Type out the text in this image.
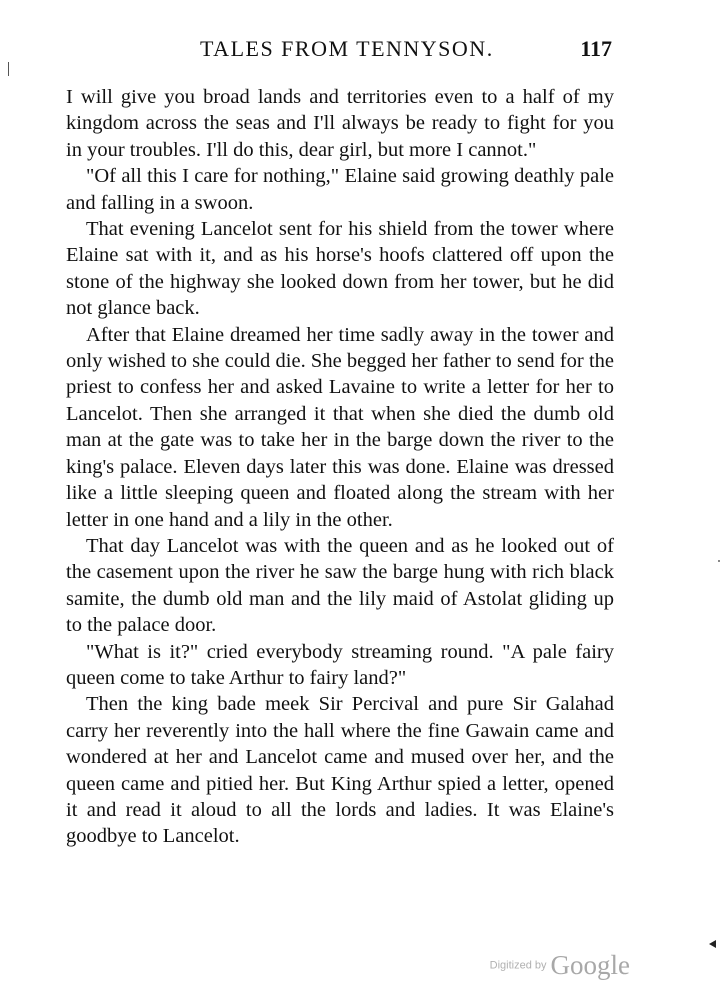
TALES FROM TENNYSON.	117

I will give you broad lands and territories even to a half of my kingdom across the seas and I'll always be ready to fight for you in your troubles. I'll do this, dear girl, but more I cannot."

"Of all this I care for nothing," Elaine said growing deathly pale and falling in a swoon.

That evening Lancelot sent for his shield from the tower where Elaine sat with it, and as his horse's hoofs clattered off upon the stone of the highway she looked down from her tower, but he did not glance back.

After that Elaine dreamed her time sadly away in the tower and only wished to she could die. She begged her father to send for the priest to confess her and asked Lavaine to write a letter for her to Lancelot. Then she arranged it that when she died the dumb old man at the gate was to take her in the barge down the river to the king's palace. Eleven days later this was done. Elaine was dressed like a little sleeping queen and floated along the stream with her letter in one hand and a lily in the other.

That day Lancelot was with the queen and as he looked out of the casement upon the river he saw the barge hung with rich black samite, the dumb old man and the lily maid of Astolat gliding up to the palace door.

"What is it?" cried everybody streaming round. "A pale fairy queen come to take Arthur to fairy land?"

Then the king bade meek Sir Percival and pure Sir Galahad carry her reverently into the hall where the fine Gawain came and wondered at her and Lancelot came and mused over her, and the queen came and pitied her. But King Arthur spied a letter, opened it and read it aloud to all the lords and ladies. It was Elaine's goodbye to Lancelot.

Digitized by Google
